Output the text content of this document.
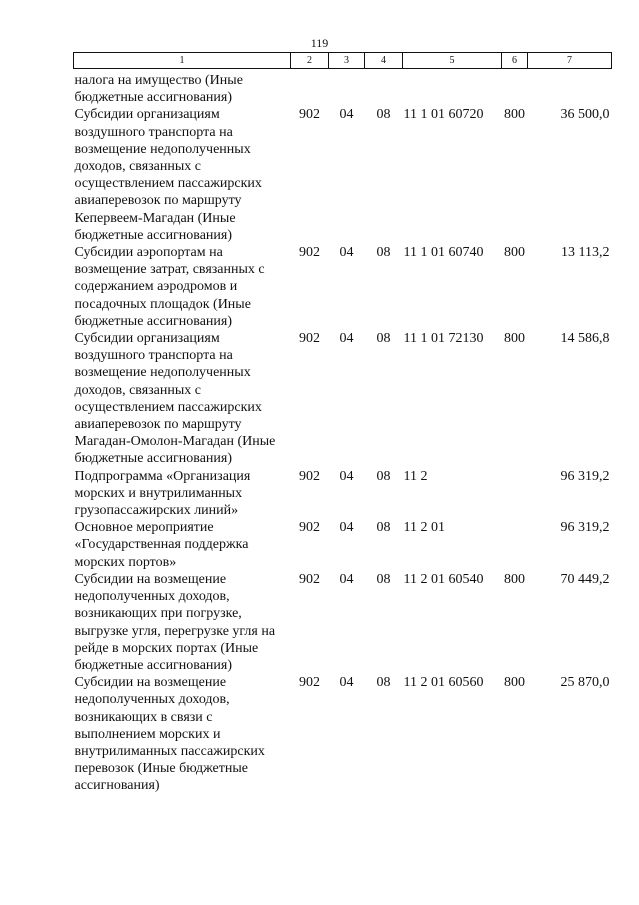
119
1	2	3	4	5	6	7
налога на имущество (Иные бюджетные ассигнования)						
Субсидии организациям воздушного транспорта на возмещение недополученных доходов, связанных с осуществлением пассажирских авиаперевозок по маршруту Кепервеем-Магадан (Иные бюджетные ассигнования)	902	04	08	11 1 01 60720	800	36 500,0
Субсидии аэропортам на возмещение затрат, связанных с содержанием аэродромов и посадочных площадок (Иные бюджетные ассигнования)	902	04	08	11 1 01 60740	800	13 113,2
Субсидии организациям воздушного транспорта на возмещение недополученных доходов, связанных с осуществлением пассажирских авиаперевозок по маршруту Магадан-Омолон-Магадан (Иные бюджетные ассигнования)	902	04	08	11 1 01 72130	800	14 586,8
Подпрограмма «Организация морских и внутрилиманных грузопассажирских линий»	902	04	08	11 2		96 319,2
Основное мероприятие «Государственная поддержка морских портов»	902	04	08	11 2 01		96 319,2
Субсидии на возмещение недополученных доходов, возникающих при погрузке, выгрузке угля, перегрузке угля на рейде в морских портах (Иные бюджетные ассигнования)	902	04	08	11 2 01 60540	800	70 449,2
Субсидии на возмещение недополученных доходов, возникающих в связи с выполнением морских и внутрилиманных пассажирских перевозок (Иные бюджетные ассигнования)	902	04	08	11 2 01 60560	800	25 870,0
